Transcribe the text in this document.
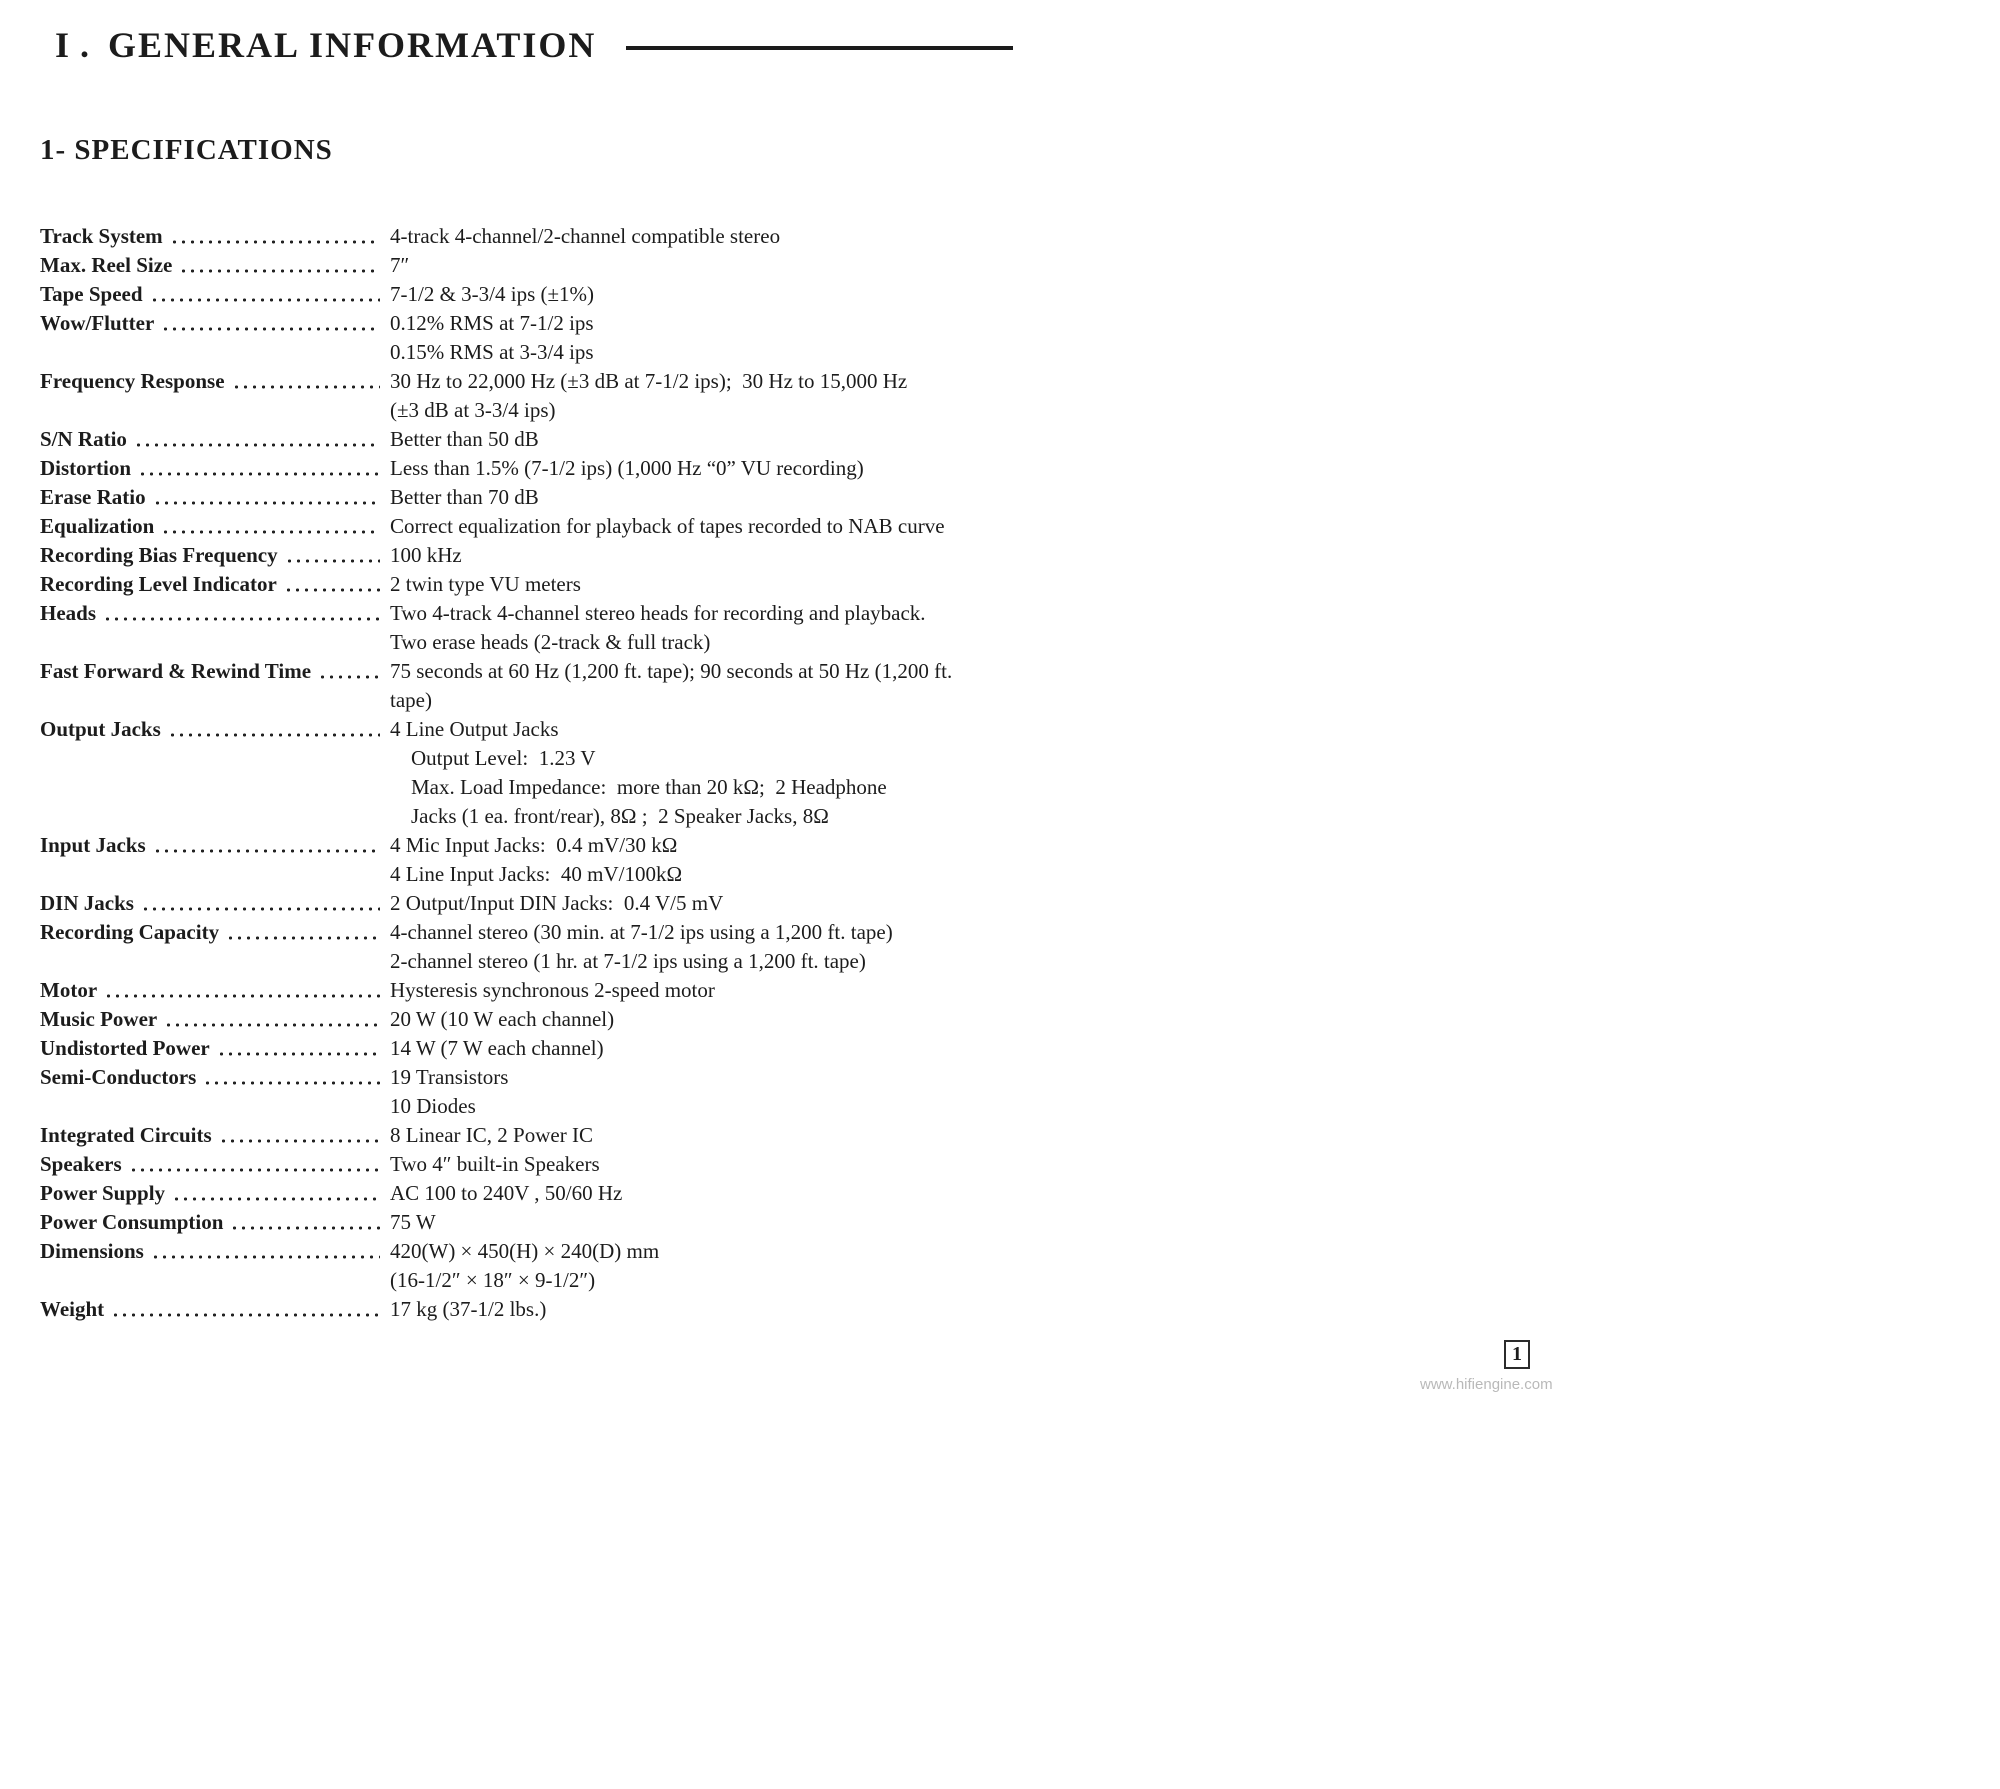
I . GENERAL INFORMATION
1- SPECIFICATIONS
Track System	4-track 4-channel/2-channel compatible stereo
Max. Reel Size	7″
Tape Speed	7-1/2 & 3-3/4 ips (±1%)
Wow/Flutter	0.12% RMS at 7-1/2 ips
0.15% RMS at 3-3/4 ips
Frequency Response	30 Hz to 22,000 Hz (±3 dB at 7-1/2 ips);  30 Hz to 15,000 Hz
(±3 dB at 3-3/4 ips)
S/N Ratio	Better than 50 dB
Distortion	Less than 1.5% (7-1/2 ips) (1,000 Hz “0” VU recording)
Erase Ratio	Better than 70 dB
Equalization	Correct equalization for playback of tapes recorded to NAB curve
Recording Bias Frequency	100 kHz
Recording Level Indicator	2 twin type VU meters
Heads	Two 4-track 4-channel stereo heads for recording and playback.
Two erase heads (2-track & full track)
Fast Forward & Rewind Time	75 seconds at 60 Hz (1,200 ft. tape); 90 seconds at 50 Hz (1,200 ft.
tape)
Output Jacks	4 Line Output Jacks
Output Level:  1.23 V
Max. Load Impedance:  more than 20 kΩ;  2 Headphone
Jacks (1 ea. front/rear), 8Ω ;  2 Speaker Jacks, 8Ω
Input Jacks	4 Mic Input Jacks:  0.4 mV/30 kΩ
4 Line Input Jacks:  40 mV/100kΩ
DIN Jacks	2 Output/Input DIN Jacks:  0.4 V/5 mV
Recording Capacity	4-channel stereo (30 min. at 7-1/2 ips using a 1,200 ft. tape)
2-channel stereo (1 hr. at 7-1/2 ips using a 1,200 ft. tape)
Motor	Hysteresis synchronous 2-speed motor
Music Power	20 W (10 W each channel)
Undistorted Power	14 W (7 W each channel)
Semi-Conductors	19 Transistors
10 Diodes
Integrated Circuits	8 Linear IC, 2 Power IC
Speakers	Two 4″ built-in Speakers
Power Supply	AC 100 to 240V , 50/60 Hz
Power Consumption	75 W
Dimensions	420(W) × 450(H) × 240(D) mm
(16-1/2″ × 18″ × 9-1/2″)
Weight	17 kg (37-1/2 lbs.)
1
www.hifiengine.com
